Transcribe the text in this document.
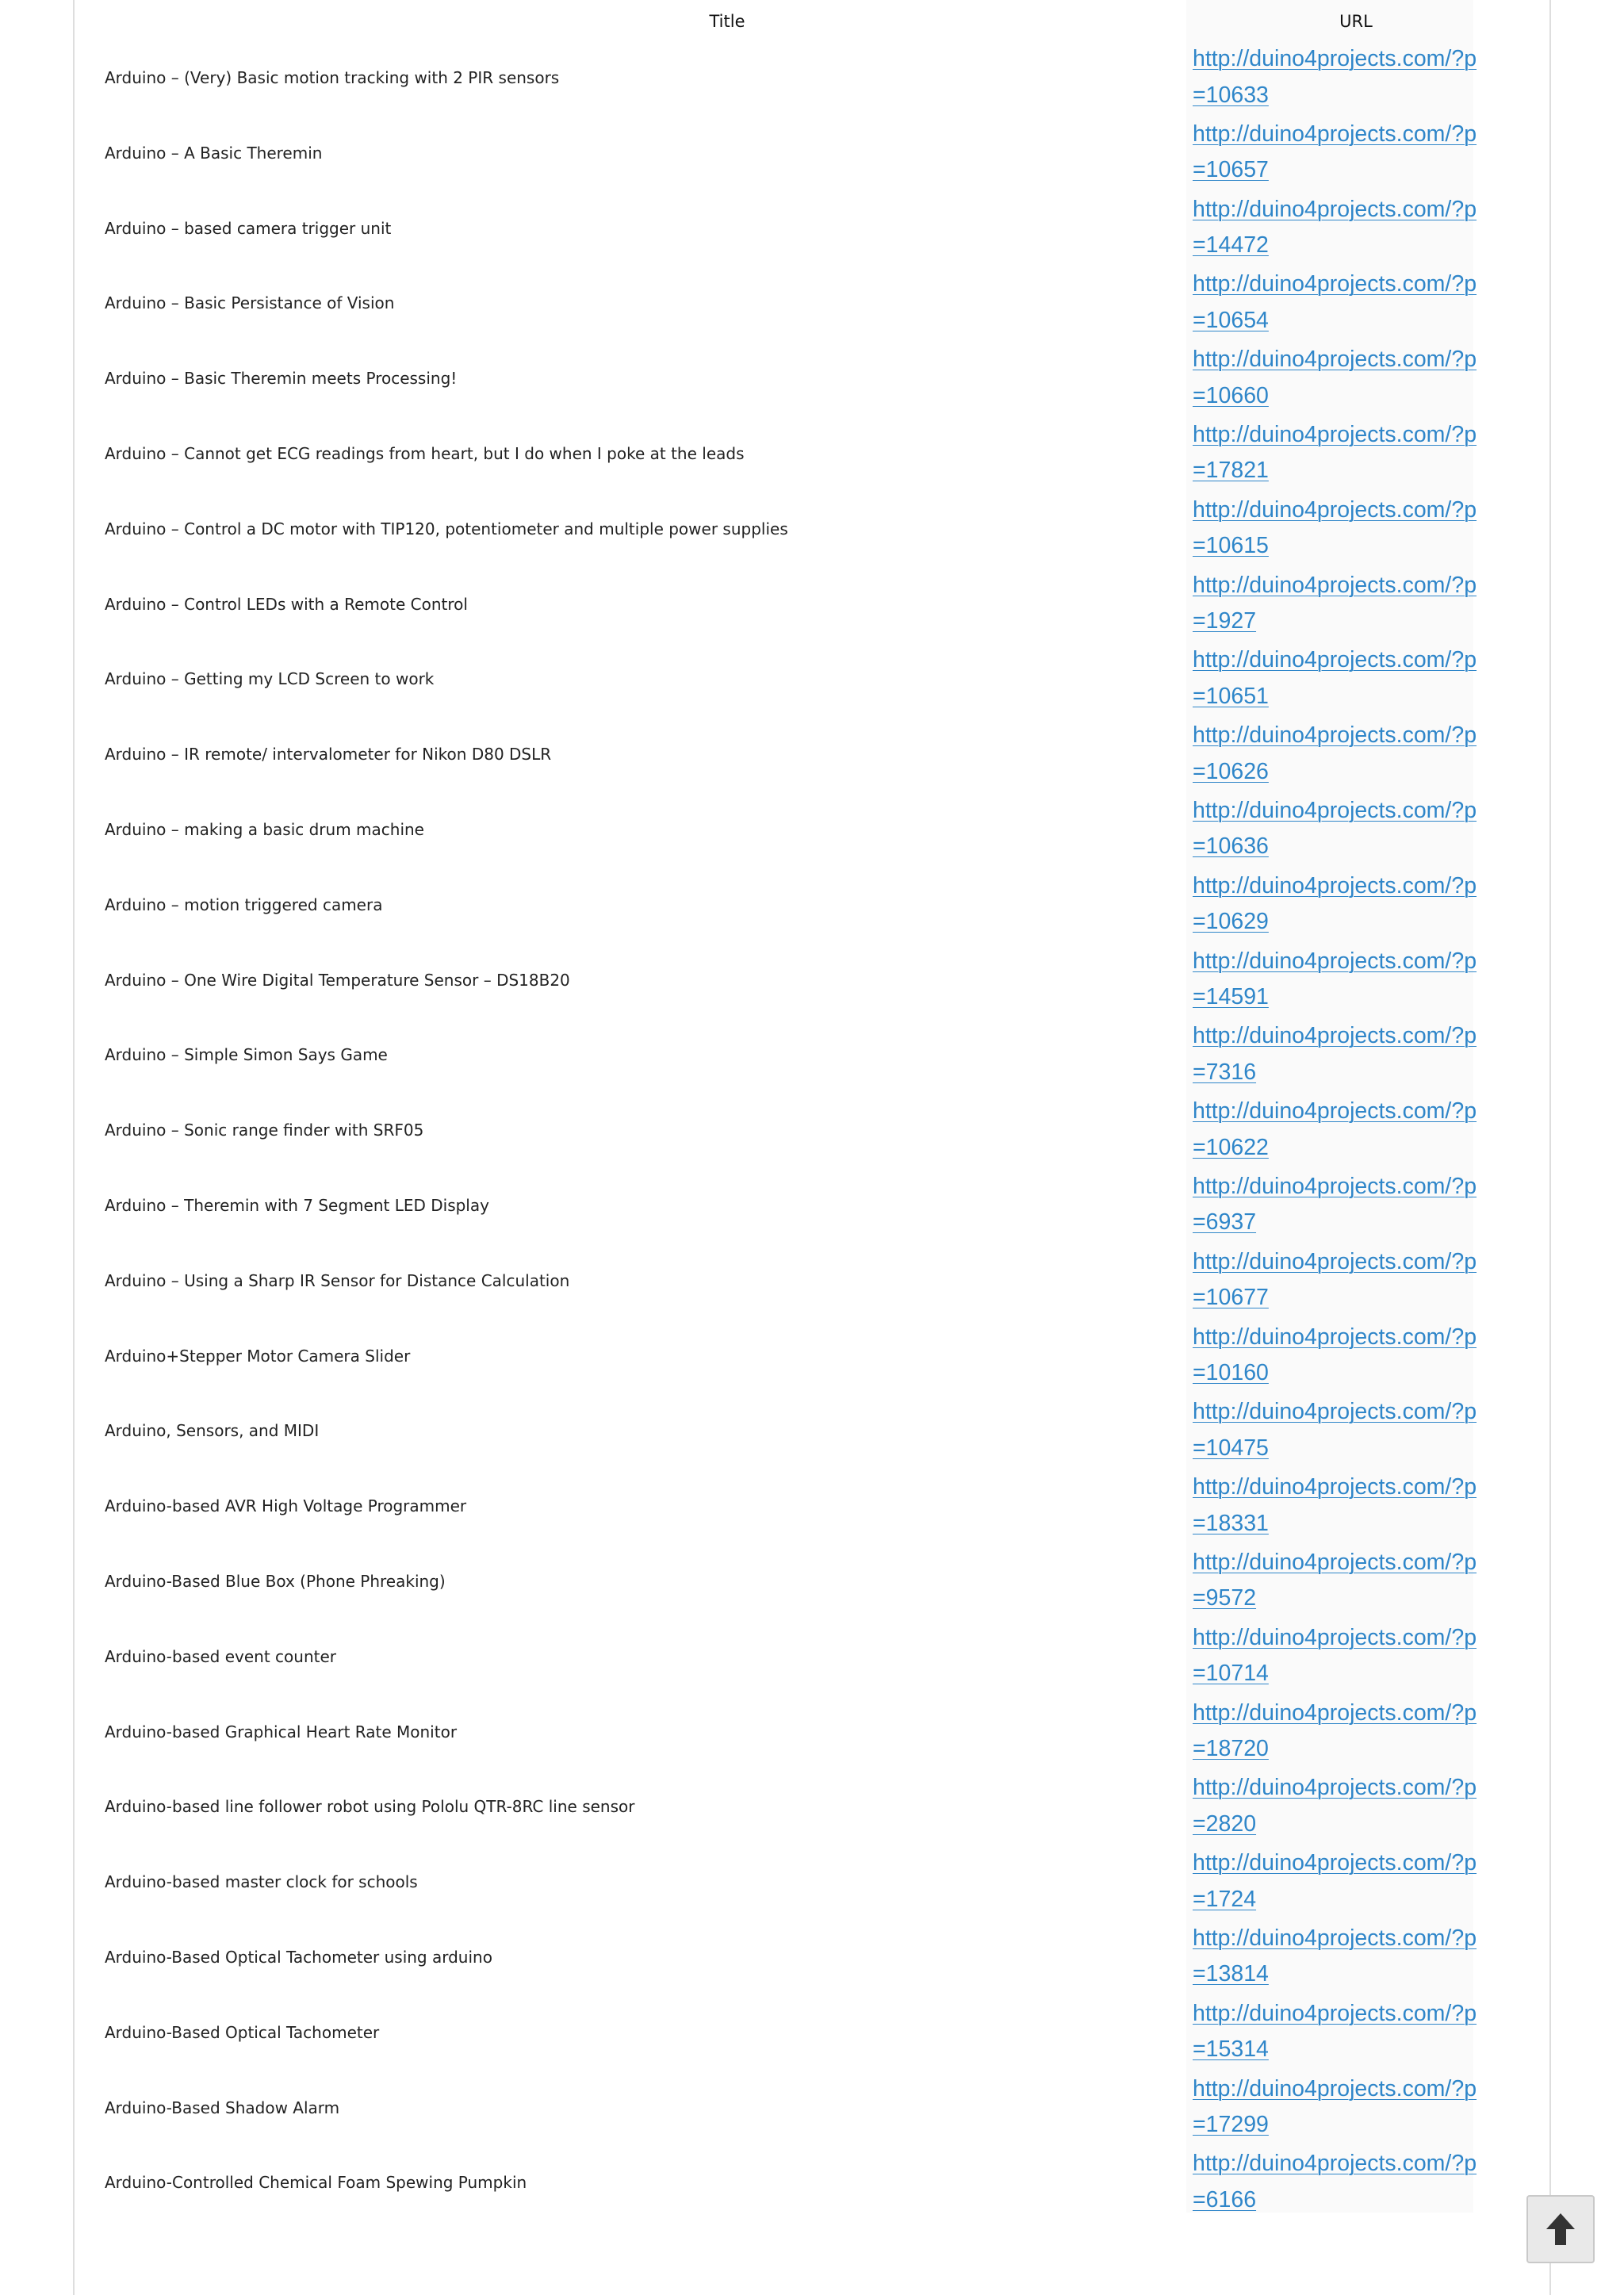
Title	URL
Arduino – (Very) Basic motion tracking with 2 PIR sensors
http://duino4projects.com/?p=10633
Arduino – A Basic Theremin
http://duino4projects.com/?p=10657
Arduino – based camera trigger unit
http://duino4projects.com/?p=14472
Arduino – Basic Persistance of Vision
http://duino4projects.com/?p=10654
Arduino – Basic Theremin meets Processing!
http://duino4projects.com/?p=10660
Arduino – Cannot get ECG readings from heart, but I do when I poke at the leads
http://duino4projects.com/?p=17821
Arduino – Control a DC motor with TIP120, potentiometer and multiple power supplies
http://duino4projects.com/?p=10615
Arduino – Control LEDs with a Remote Control
http://duino4projects.com/?p=1927
Arduino – Getting my LCD Screen to work
http://duino4projects.com/?p=10651
Arduino – IR remote/ intervalometer for Nikon D80 DSLR
http://duino4projects.com/?p=10626
Arduino – making a basic drum machine
http://duino4projects.com/?p=10636
Arduino – motion triggered camera
http://duino4projects.com/?p=10629
Arduino – One Wire Digital Temperature Sensor – DS18B20
http://duino4projects.com/?p=14591
Arduino – Simple Simon Says Game
http://duino4projects.com/?p=7316
Arduino – Sonic range finder with SRF05
http://duino4projects.com/?p=10622
Arduino – Theremin with 7 Segment LED Display
http://duino4projects.com/?p=6937
Arduino – Using a Sharp IR Sensor for Distance Calculation
http://duino4projects.com/?p=10677
Arduino+Stepper Motor Camera Slider
http://duino4projects.com/?p=10160
Arduino, Sensors, and MIDI
http://duino4projects.com/?p=10475
Arduino-based AVR High Voltage Programmer
http://duino4projects.com/?p=18331
Arduino-Based Blue Box (Phone Phreaking)
http://duino4projects.com/?p=9572
Arduino-based event counter
http://duino4projects.com/?p=10714
Arduino-based Graphical Heart Rate Monitor
http://duino4projects.com/?p=18720
Arduino-based line follower robot using Pololu QTR-8RC line sensor
http://duino4projects.com/?p=2820
Arduino-based master clock for schools
http://duino4projects.com/?p=1724
Arduino-Based Optical Tachometer using arduino
http://duino4projects.com/?p=13814
Arduino-Based Optical Tachometer
http://duino4projects.com/?p=15314
Arduino-Based Shadow Alarm
http://duino4projects.com/?p=17299
Arduino-Controlled Chemical Foam Spewing Pumpkin
http://duino4projects.com/?p=6166
